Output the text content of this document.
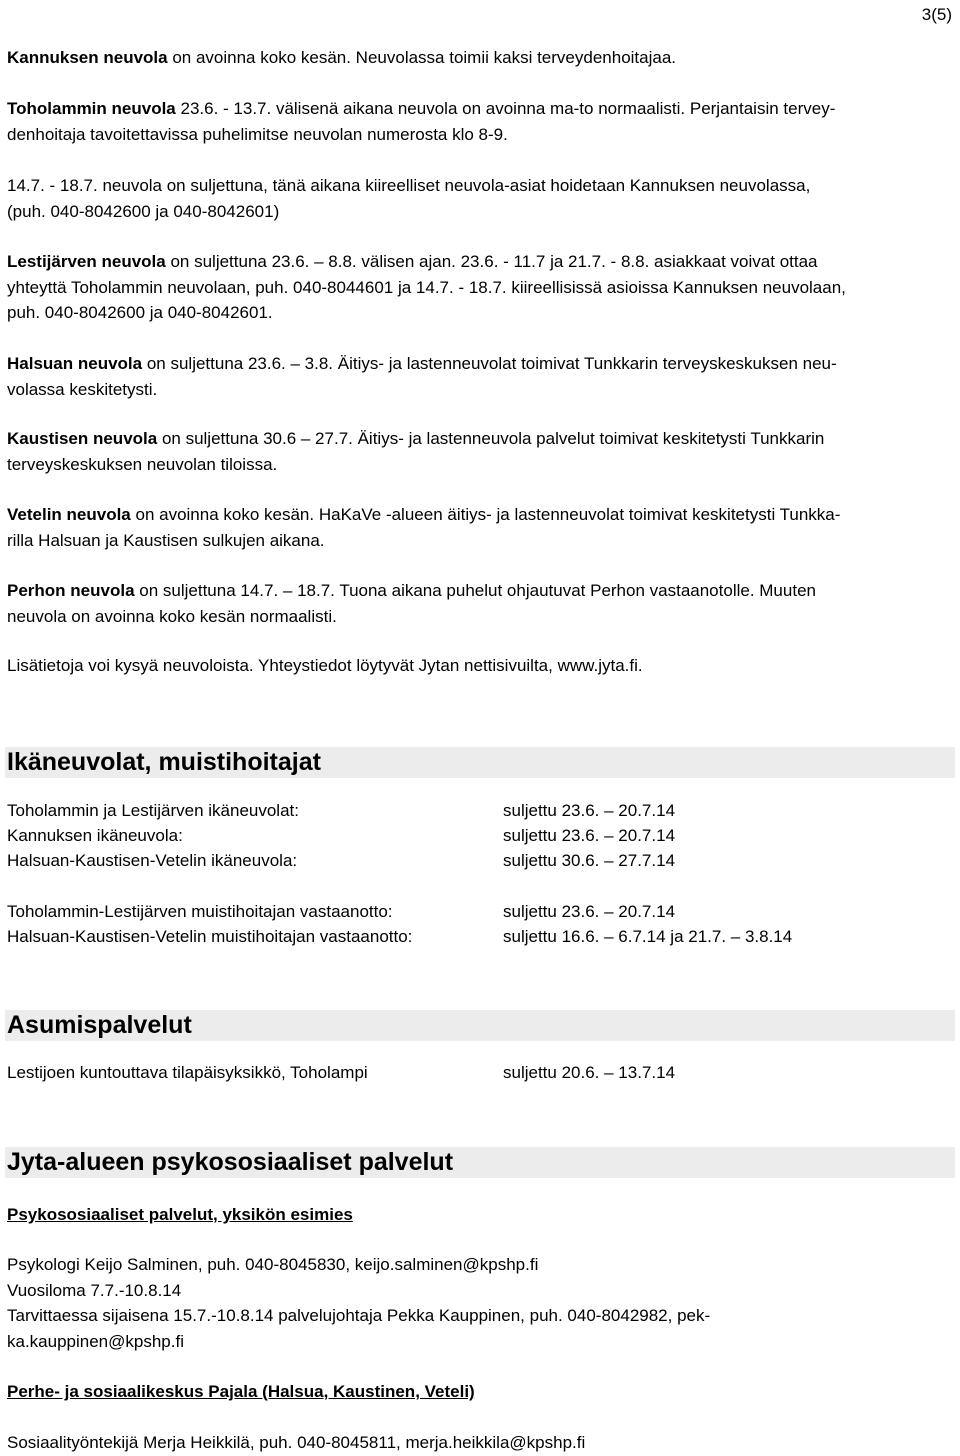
3(5)

Kannuksen neuvola on avoinna koko kesän. Neuvolassa toimii kaksi terveydenhoitajaa.

Toholammin neuvola 23.6. - 13.7. välisenä aikana neuvola on avoinna ma-to normaalisti. Perjantaisin tervey-
denhoitaja tavoitettavissa puhelimitse neuvolan numerosta klo 8-9.

14.7. - 18.7. neuvola on suljettuna, tänä aikana kiireelliset neuvola-asiat hoidetaan Kannuksen neuvolassa,
(puh. 040-8042600 ja 040-8042601)

Lestijärven neuvola on suljettuna 23.6. – 8.8. välisen ajan. 23.6. - 11.7 ja 21.7. - 8.8. asiakkaat voivat ottaa
yhteyttä Toholammin neuvolaan, puh. 040-8044601 ja 14.7. - 18.7. kiireellisissä asioissa Kannuksen neuvolaan,
puh. 040-8042600 ja 040-8042601.

Halsuan neuvola on suljettuna 23.6. – 3.8. Äitiys- ja lastenneuvolat toimivat Tunkkarin terveyskeskuksen neu-
volassa keskitetysti.

Kaustisen neuvola on suljettuna 30.6 – 27.7. Äitiys- ja lastenneuvola palvelut toimivat keskitetysti Tunkkarin
terveyskeskuksen neuvolan tiloissa.

Vetelin neuvola on avoinna koko kesän. HaKaVe -alueen äitiys- ja lastenneuvolat toimivat keskitetysti Tunkka-
rilla Halsuan ja Kaustisen sulkujen aikana.

Perhon neuvola on suljettuna 14.7. – 18.7. Tuona aikana puhelut ohjautuvat Perhon vastaanotolle. Muuten
neuvola on avoinna koko kesän normaalisti.

Lisätietoja voi kysyä neuvoloista. Yhteystiedot löytyvät Jytan nettisivuilta, www.jyta.fi.

Ikäneuvolat, muistihoitajat
Toholammin ja Lestijärven ikäneuvolat:	suljettu 23.6. – 20.7.14
Kannuksen ikäneuvola:	suljettu 23.6. – 20.7.14
Halsuan-Kaustisen-Vetelin ikäneuvola:	suljettu 30.6. – 27.7.14
Toholammin-Lestijärven muistihoitajan vastaanotto:	suljettu 23.6. – 20.7.14
Halsuan-Kaustisen-Vetelin muistihoitajan vastaanotto:	suljettu 16.6. – 6.7.14 ja 21.7. – 3.8.14
Asumispalvelut
Lestijoen kuntouttava tilapäisyksikkö, Toholampi	suljettu 20.6. – 13.7.14
Jyta-alueen psykososiaaliset palvelut
Psykososiaaliset palvelut, yksikön esimies
Psykologi Keijo Salminen, puh. 040-8045830, keijo.salminen@kpshp.fi
Vuosiloma 7.7.-10.8.14
Tarvittaessa sijaisena 15.7.-10.8.14 palvelujohtaja Pekka Kauppinen, puh. 040-8042982, pek-
ka.kauppinen@kpshp.fi
Perhe- ja sosiaalikeskus Pajala (Halsua, Kaustinen, Veteli)
Sosiaalityöntekijä Merja Heikkilä, puh. 040-8045811, merja.heikkila@kpshp.fi
